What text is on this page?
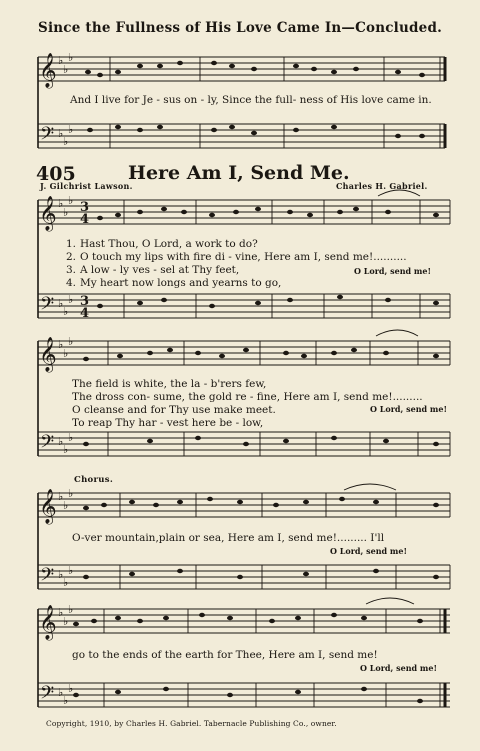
Since the Fullness of His Love Came In—Concluded.
𝄞
𝄢
𝄞
𝄢
𝄞
𝄢
𝄞
𝄢
𝄞
𝄢
♭
♭
♭
♭
♭
♭
♭
♭
♭
♭
♭
♭
♭
♭
♭
♭
♭
♭
♭
♭
♭
♭
♭
♭
♭
♭
♭
♭
♭
♭
3
4
3
4
And I live for Je - sus on - ly, Since the full- ness of His love came in.
405	Here Am I, Send Me.
J. Gilchrist Lawson.	Charles H. Gabriel.
1. Hast Thou, O Lord, a work to do?
2. O touch my lips with fire di - vine, Here am I, send me!..........
3. A low - ly ves - sel at Thy feet,	O Lord, send me!
4. My heart now longs and yearns to go,
The field is white, the la - b'rers few,
The dross con- sume, the gold re - fine, Here am I, send me!.........
O cleanse and for Thy use make meet.	O Lord, send me!
To reap Thy har - vest here be - low,
Chorus.
O-ver mountain,plain or sea, Here am I, send me!......... I'll
O Lord, send me!
go to the ends of the earth for Thee, Here am I, send me!
O Lord, send me!
Copyright, 1910, by Charles H. Gabriel. Tabernacle Publishing Co., owner.
